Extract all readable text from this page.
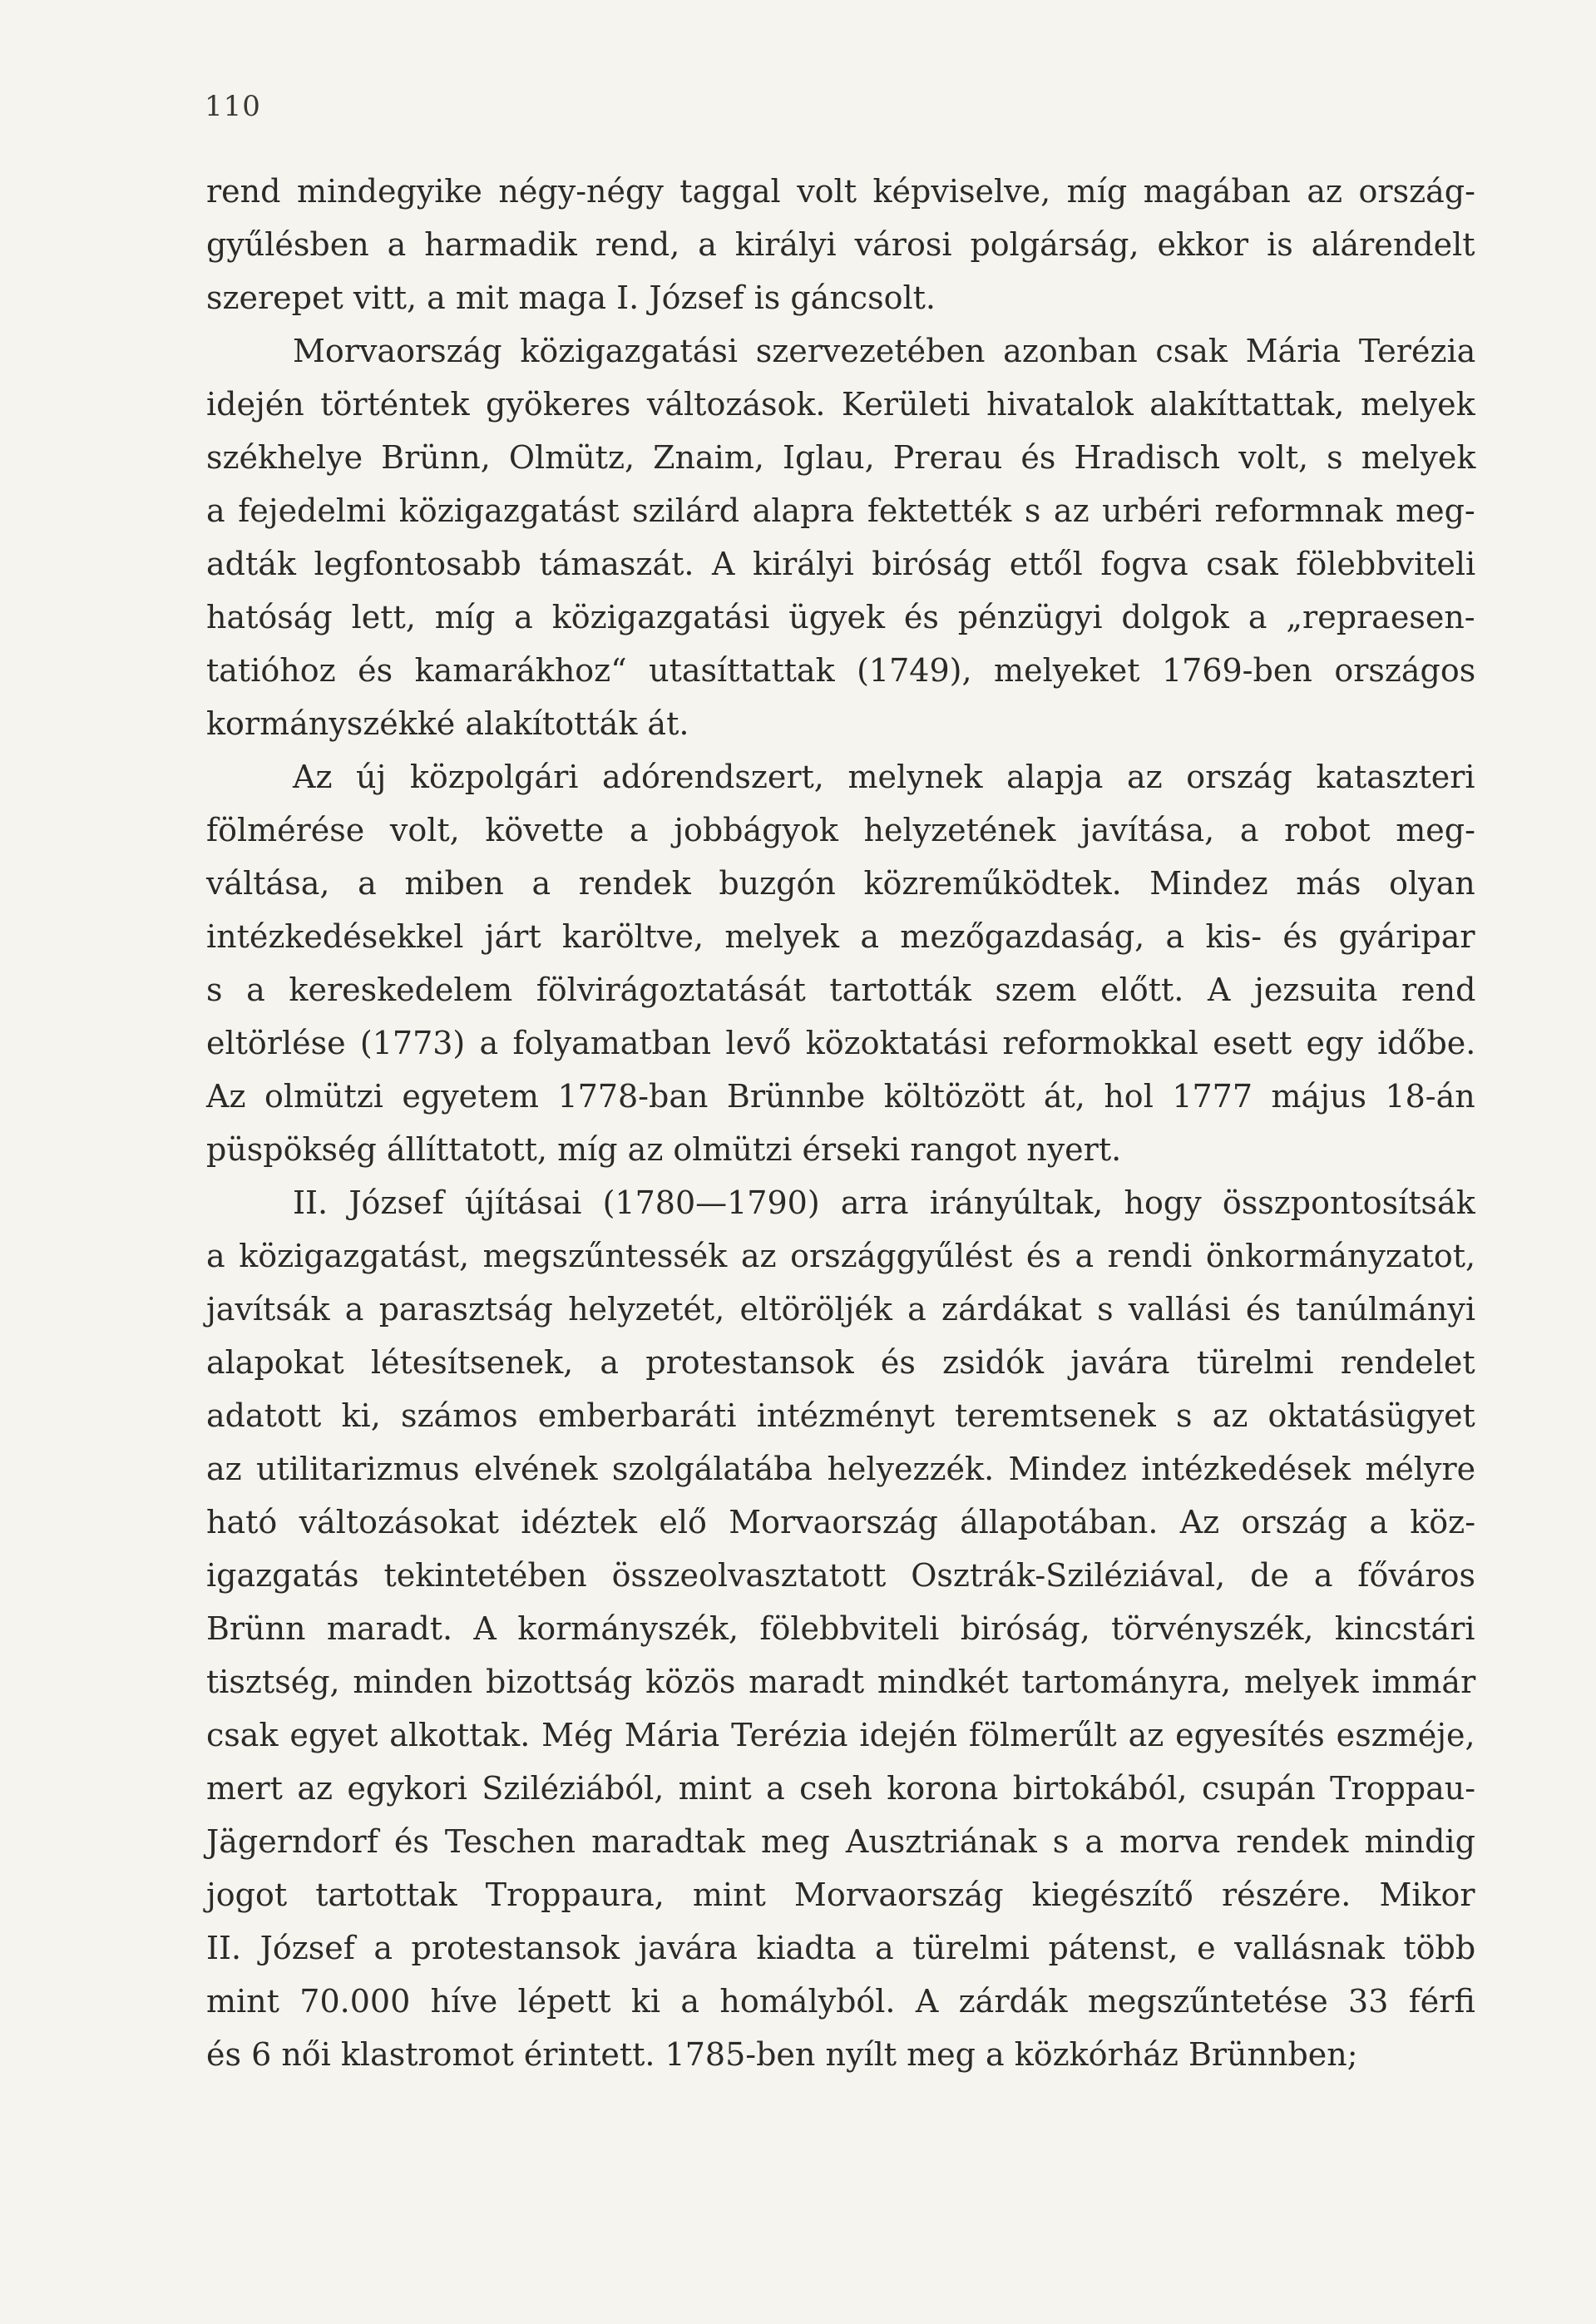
110
rend mindegyike négy-négy taggal volt képviselve, míg magában az ország-
gyűlésben a harmadik rend, a királyi városi polgárság, ekkor is alárendelt
szerepet vitt, a mit maga I. József is gáncsolt.
Morvaország közigazgatási szervezetében azonban csak Mária Terézia
idején történtek gyökeres változások. Kerületi hivatalok alakíttattak, melyek
székhelye Brünn, Olmütz, Znaim, Iglau, Prerau és Hradisch volt, s melyek
a fejedelmi közigazgatást szilárd alapra fektették s az urbéri reformnak meg-
adták legfontosabb támaszát. A királyi biróság ettől fogva csak fölebbviteli
hatóság lett, míg a közigazgatási ügyek és pénzügyi dolgok a „repraesen-
tatióhoz és kamarákhoz“ utasíttattak (1749), melyeket 1769-ben országos
kormányszékké alakították át.
Az új közpolgári adórendszert, melynek alapja az ország kataszteri
fölmérése volt, követte a jobbágyok helyzetének javítása, a robot meg-
váltása, a miben a rendek buzgón közreműködtek. Mindez más olyan
intézkedésekkel járt karöltve, melyek a mezőgazdaság, a kis- és gyáripar
s a kereskedelem fölvirágoztatását tartották szem előtt. A jezsuita rend
eltörlése (1773) a folyamatban levő közoktatási reformokkal esett egy időbe.
Az olmützi egyetem 1778-ban Brünnbe költözött át, hol 1777 május 18-án
püspökség állíttatott, míg az olmützi érseki rangot nyert.
II. József újításai (1780—1790) arra irányúltak, hogy összpontosítsák
a közigazgatást, megszűntessék az országgyűlést és a rendi önkormányzatot,
javítsák a parasztság helyzetét, eltöröljék a zárdákat s vallási és tanúlmányi
alapokat létesítsenek, a protestansok és zsidók javára türelmi rendelet
adatott ki, számos emberbaráti intézményt teremtsenek s az oktatásügyet
az utilitarizmus elvének szolgálatába helyezzék. Mindez intézkedések mélyre
ható változásokat idéztek elő Morvaország állapotában. Az ország a köz-
igazgatás tekintetében összeolvasztatott Osztrák-Sziléziával, de a főváros
Brünn maradt. A kormányszék, fölebbviteli biróság, törvényszék, kincstári
tisztség, minden bizottság közös maradt mindkét tartományra, melyek immár
csak egyet alkottak. Még Mária Terézia idején fölmerűlt az egyesítés eszméje,
mert az egykori Sziléziából, mint a cseh korona birtokából, csupán Troppau-
Jägerndorf és Teschen maradtak meg Ausztriának s a morva rendek mindig
jogot tartottak Troppaura, mint Morvaország kiegészítő részére. Mikor
II. József a protestansok javára kiadta a türelmi pátenst, e vallásnak több
mint 70.000 híve lépett ki a homályból. A zárdák megszűntetése 33 férfi
és 6 női klastromot érintett. 1785-ben nyílt meg a közkórház Brünnben;
